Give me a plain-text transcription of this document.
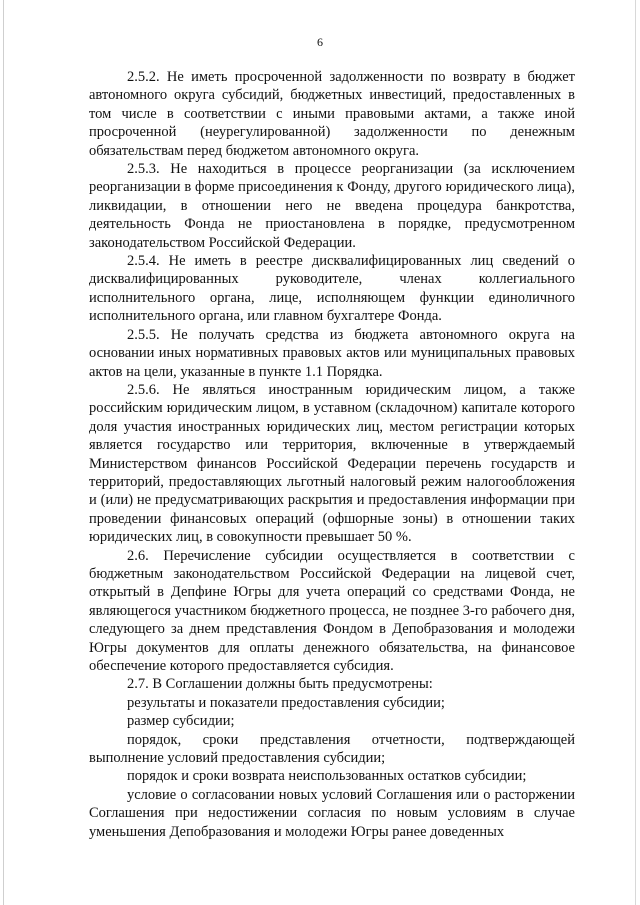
6

2.5.2. Не иметь просроченной задолженности по возврату в бюджет автономного округа субсидий, бюджетных инвестиций, предоставленных в том числе в соответствии с иными правовыми актами, а также иной просроченной (неурегулированной) задолженности по денежным обязательствам перед бюджетом автономного округа.

2.5.3. Не находиться в процессе реорганизации (за исключением реорганизации в форме присоединения к Фонду, другого юридического лица), ликвидации, в отношении него не введена процедура банкротства, деятельность Фонда не приостановлена в порядке, предусмотренном законодательством Российской Федерации.

2.5.4. Не иметь в реестре дисквалифицированных лиц сведений о дисквалифицированных руководителе, членах коллегиального исполнительного органа, лице, исполняющем функции единоличного исполнительного органа, или главном бухгалтере Фонда.

2.5.5. Не получать средства из бюджета автономного округа на основании иных нормативных правовых актов или муниципальных правовых актов на цели, указанные в пункте 1.1 Порядка.

2.5.6. Не являться иностранным юридическим лицом, а также российским юридическим лицом, в уставном (складочном) капитале которого доля участия иностранных юридических лиц, местом регистрации которых является государство или территория, включенные в утверждаемый Министерством финансов Российской Федерации перечень государств и территорий, предоставляющих льготный налоговый режим налогообложения и (или) не предусматривающих раскрытия и предоставления информации при проведении финансовых операций (офшорные зоны) в отношении таких юридических лиц, в совокупности превышает 50 %.

2.6. Перечисление субсидии осуществляется в соответствии с бюджетным законодательством Российской Федерации на лицевой счет, открытый в Депфине Югры для учета операций со средствами Фонда, не являющегося участником бюджетного процесса, не позднее 3-го рабочего дня, следующего за днем представления Фондом в Депобразования и молодежи Югры документов для оплаты денежного обязательства, на финансовое обеспечение которого предоставляется субсидия.

2.7. В Соглашении должны быть предусмотрены:

результаты и показатели предоставления субсидии;

размер субсидии;

порядок, сроки представления отчетности, подтверждающей выполнение условий предоставления субсидии;

порядок и сроки возврата неиспользованных остатков субсидии;

условие о согласовании новых условий Соглашения или о расторжении Соглашения при недостижении согласия по новым условиям в случае уменьшения Депобразования и молодежи Югры ранее доведенных
